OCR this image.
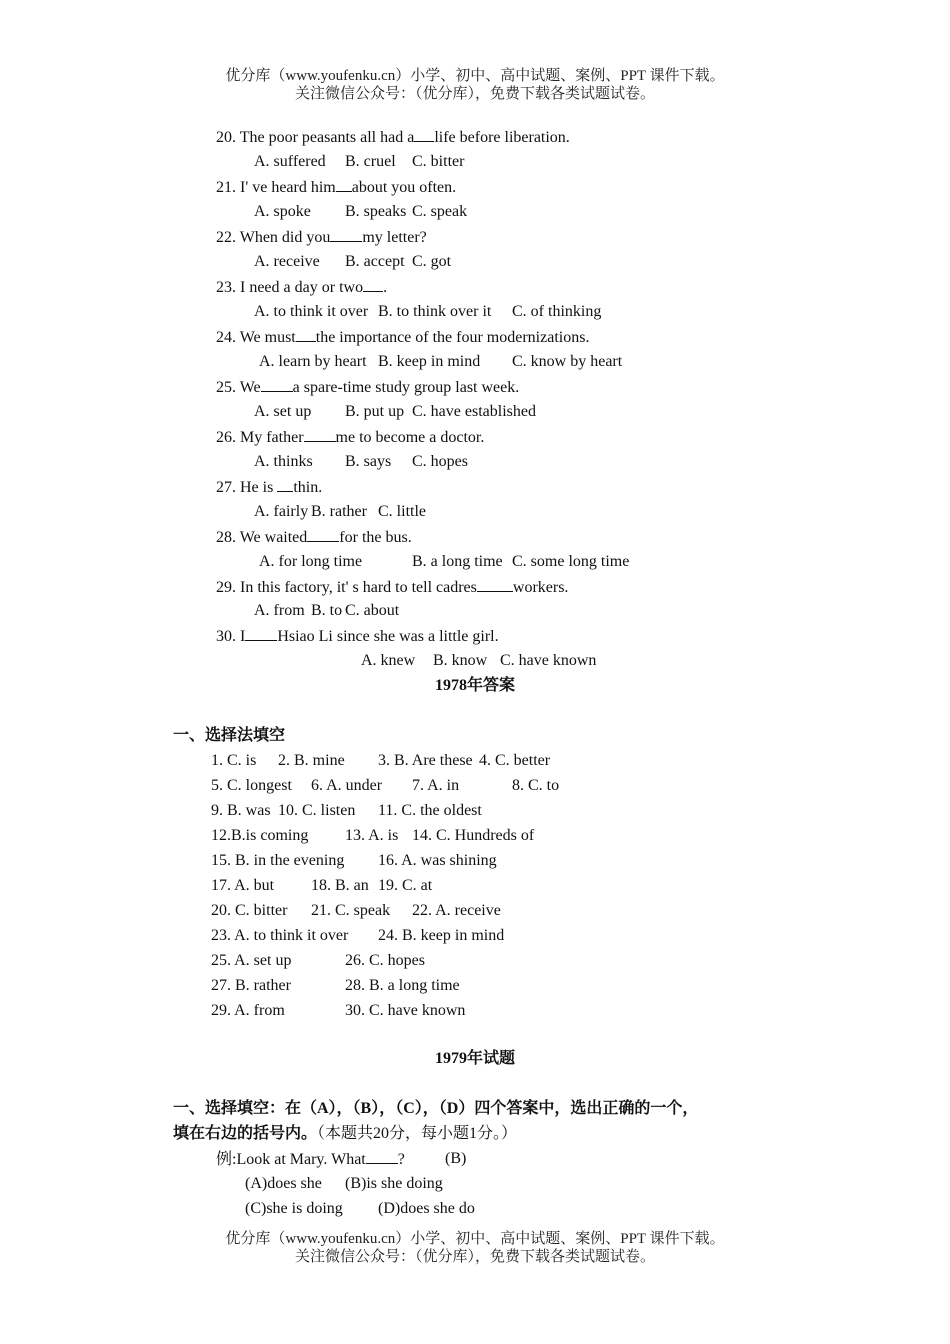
优分库（www.youfenku.cn）小学、初中、高中试题、案例、PPT 课件下载。
关注微信公众号：（优分库），免费下载各类试题试卷。
20. The poor peasants all had a life before liberation.
A. suffered B. cruel C. bitter
21. I' ve heard him about you often.
A. spoke B. speaks C. speak
22. When did you my letter?
A. receive B. accept C. got
23. I need a day or two .
A. to think it over B. to think over it C. of thinking
24. We must the importance of the four modernizations.
A. learn by heart B. keep in mind C. know by heart
25. We a spare-time study group last week.
A. set up B. put up C. have established
26. My father me to become a doctor.
A. thinks B. says C. hopes
27. He is thin.
A. fairly B. rather C. little
28. We waited for the bus.
A. for long time	B. a long time C. some long time
29. In this factory, it' s hard to tell cadres workers.
A. from B. to C. about
30. I Hsiao Li since she was a little girl.
A. knew B. know C. have known
1978年答案
一、选择法填空
1. C. is 2. B. mine 3. B. Are these 4. C. better
5. C. longest 6. A. under 7. A. in	8. C. to
9. B. was 10. C. listen 11. C. the oldest
12.B.is coming 13. A. is 14. C. Hundreds of
15. B. in the evening 16. A. was shining
17. A. but 18. B. an 19. C. at
20. C. bitter 21. C. speak 22. A. receive
23. A. to think it over 24. B. keep in mind
25. A. set up	26. C. hopes
27. B. rather	28. B. a long time
29. A. from	30. C. have known
1979年试题
一、选择填空：在（A），（B），（C），（D）四个答案中，选出正确的一个，
填在右边的括号内。（本题共20分，每小题1分。）
例:Look at Mary. What ?	(B)
(A)does she (B)is she doing
(C)she is doing (D)does she do
优分库（www.youfenku.cn）小学、初中、高中试题、案例、PPT 课件下载。
关注微信公众号：（优分库），免费下载各类试题试卷。
